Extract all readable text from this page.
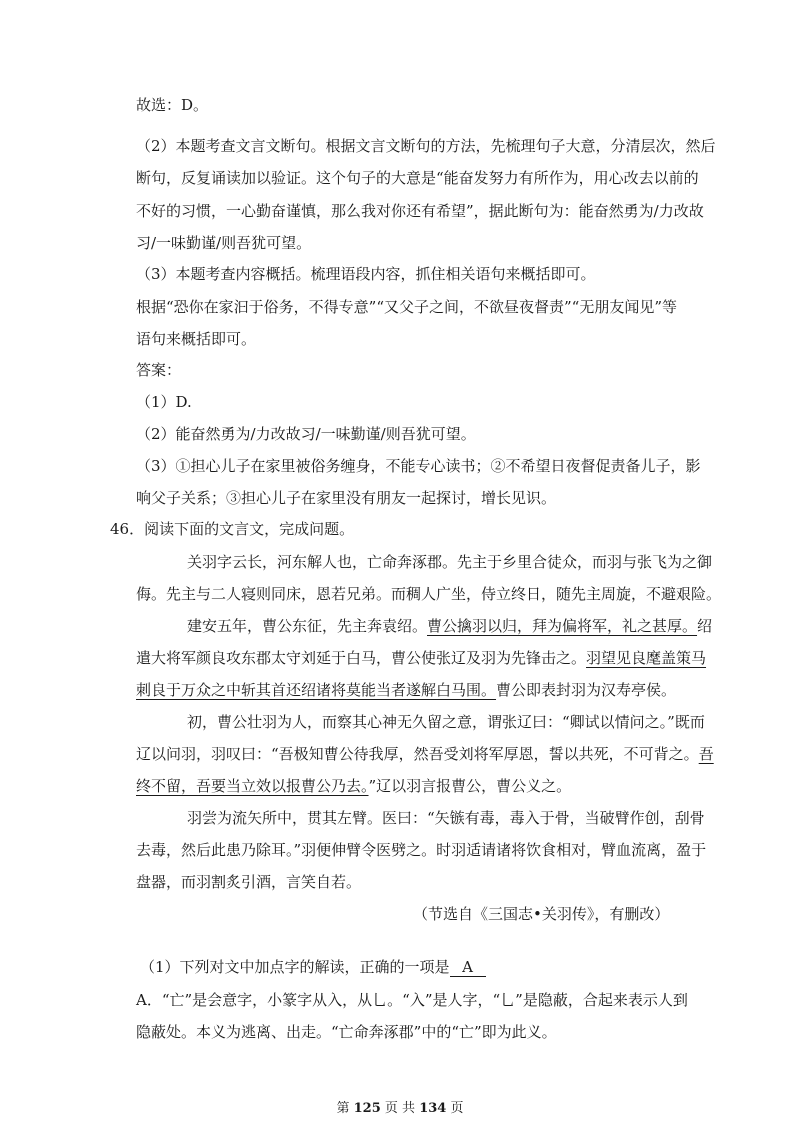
故选：D。
（2）本题考查文言文断句。根据文言文断句的方法，先梳理句子大意，分清层次，然后
断句，反复诵读加以验证。这个句子的大意是“能奋发努力有所作为，用心改去以前的
不好的习惯，一心勤奋谨慎，那么我对你还有希望”，据此断句为：能奋然勇为/力改故
习/一味勤谨/则吾犹可望。
（3）本题考查内容概括。梳理语段内容，抓住相关语句来概括即可。
根据“恐你在家汩于俗务，不得专意”“又父子之间，不欲昼夜督责”“无朋友闻见”等
语句来概括即可。
答案：
（1）D.
（2）能奋然勇为/力改故习/一味勤谨/则吾犹可望。
（3）①担心儿子在家里被俗务缠身，不能专心读书；②不希望日夜督促责备儿子，影
响父子关系；③担心儿子在家里没有朋友一起探讨，增长见识。
46．阅读下面的文言文，完成问题。
关羽字云长，河东解人也，亡命奔涿郡。先主于乡里合徒众，而羽与张飞为之御
侮。先主与二人寝则同床，恩若兄弟。而稠人广坐，侍立终日，随先主周旋，不避艰险。
建安五年，曹公东征，先主奔袁绍。曹公擒羽以归，拜为偏将军，礼之甚厚。绍
遣大将军颜良攻东郡太守刘延于白马，曹公使张辽及羽为先锋击之。羽望见良麾盖策马
刺良于万众之中斩其首还绍诸将莫能当者遂解白马围。曹公即表封羽为汉寿亭侯。
初，曹公壮羽为人，而察其心神无久留之意，谓张辽曰：“卿试以情问之。”既而
辽以问羽，羽叹曰：“吾极知曹公待我厚，然吾受刘将军厚恩，誓以共死，不可背之。吾
终不留，吾要当立效以报曹公乃去。”辽以羽言报曹公，曹公义之。
羽尝为流矢所中，贯其左臂。医曰：“矢镞有毒，毒入于骨，当破臂作创，刮骨
去毒，然后此患乃除耳。”羽便伸臂令医劈之。时羽适请诸将饮食相对，臂血流离，盈于
盘器，而羽割炙引酒，言笑自若。
（节选自《三国志•关羽传》，有删改）
（1）下列对文中加点字的解读，正确的一项是 A
A．“亡”是会意字，小篆字从入，从乚。“入”是人字，“乚”是隐蔽，合起来表示人到
隐蔽处。本义为逃离、出走。“亡命奔涿郡”中的“亡”即为此义。
第 125 页 共 134 页
